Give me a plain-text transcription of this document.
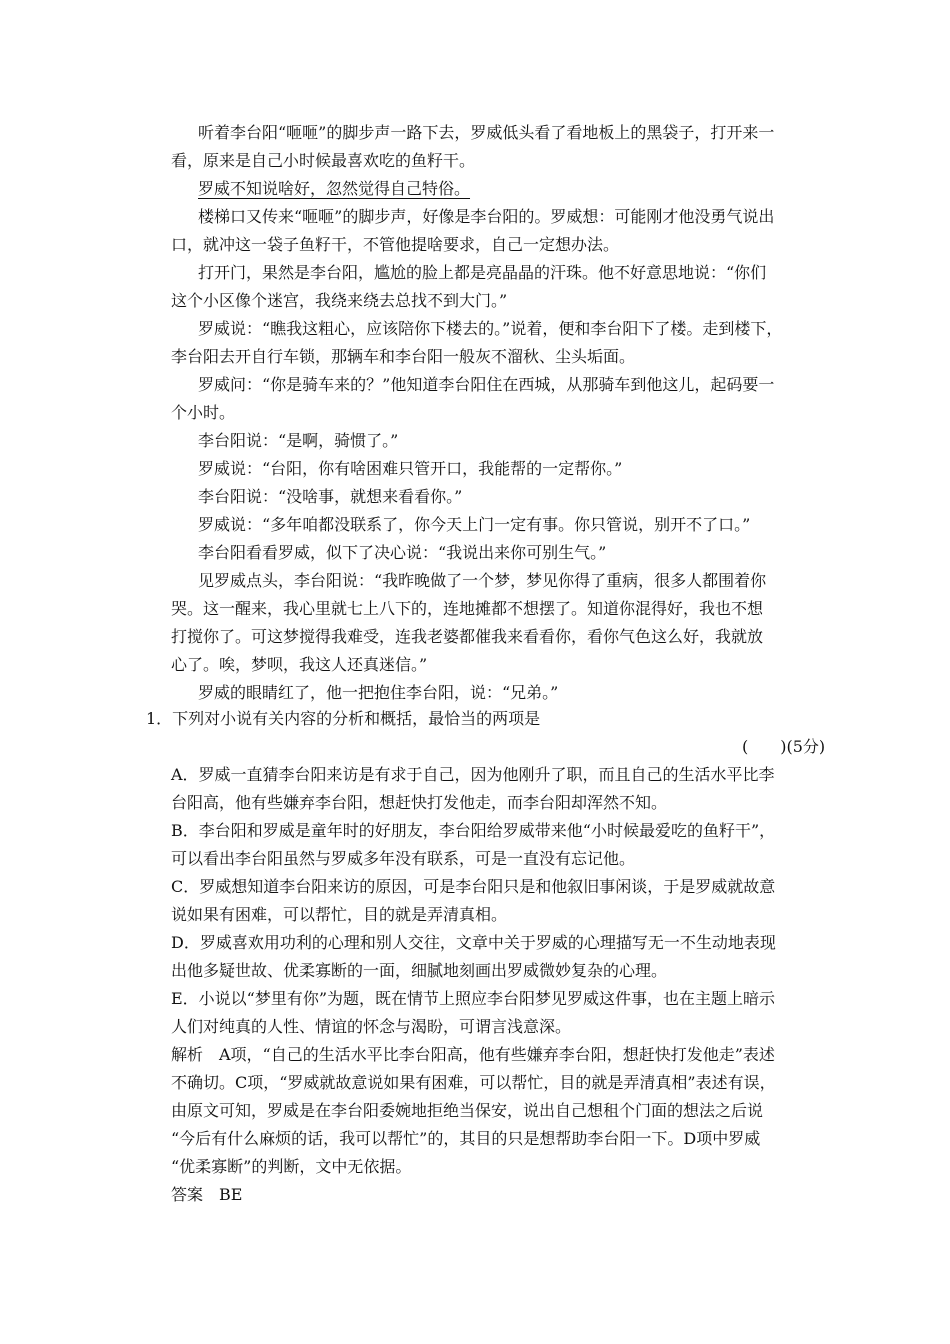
听着李台阳“咂咂”的脚步声一路下去，罗威低头看了看地板上的黑袋子，打开来一
看，原来是自己小时候最喜欢吃的鱼籽干。
罗威不知说啥好，忽然觉得自己特俗。
楼梯口又传来“咂咂”的脚步声，好像是李台阳的。罗威想：可能刚才他没勇气说出
口，就冲这一袋子鱼籽干，不管他提啥要求，自己一定想办法。
打开门，果然是李台阳，尴尬的脸上都是亮晶晶的汗珠。他不好意思地说：“你们
这个小区像个迷宫，我绕来绕去总找不到大门。”
罗威说：“瞧我这粗心，应该陪你下楼去的。”说着，便和李台阳下了楼。走到楼下，
李台阳去开自行车锁，那辆车和李台阳一般灰不溜秋、尘头垢面。
罗威问：“你是骑车来的？”他知道李台阳住在西城，从那骑车到他这儿，起码要一
个小时。
李台阳说：“是啊，骑惯了。”
罗威说：“台阳，你有啥困难只管开口，我能帮的一定帮你。”
李台阳说：“没啥事，就想来看看你。”
罗威说：“多年咱都没联系了，你今天上门一定有事。你只管说，别开不了口。”
李台阳看看罗威，似下了决心说：“我说出来你可别生气。”
见罗威点头，李台阳说：“我昨晚做了一个梦，梦见你得了重病，很多人都围着你
哭。这一醒来，我心里就七上八下的，连地摊都不想摆了。知道你混得好，我也不想
打搅你了。可这梦搅得我难受，连我老婆都催我来看看你，看你气色这么好，我就放
心了。唉，梦呗，我这人还真迷信。”
罗威的眼睛红了，他一把抱住李台阳，说：“兄弟。”
1．下列对小说有关内容的分析和概括，最恰当的两项是
(　　)(5分)
A．罗威一直猜李台阳来访是有求于自己，因为他刚升了职，而且自己的生活水平比李
台阳高，他有些嫌弃李台阳，想赶快打发他走，而李台阳却浑然不知。
B．李台阳和罗威是童年时的好朋友，李台阳给罗威带来他“小时候最爱吃的鱼籽干”，
可以看出李台阳虽然与罗威多年没有联系，可是一直没有忘记他。
C．罗威想知道李台阳来访的原因，可是李台阳只是和他叙旧事闲谈，于是罗威就故意
说如果有困难，可以帮忙，目的就是弄清真相。
D．罗威喜欢用功利的心理和别人交往，文章中关于罗威的心理描写无一不生动地表现
出他多疑世故、优柔寡断的一面，细腻地刻画出罗威微妙复杂的心理。
E．小说以“梦里有你”为题，既在情节上照应李台阳梦见罗威这件事，也在主题上暗示
人们对纯真的人性、情谊的怀念与渴盼，可谓言浅意深。
解析　A项，“自己的生活水平比李台阳高，他有些嫌弃李台阳，想赶快打发他走”表述
不确切。C项，“罗威就故意说如果有困难，可以帮忙，目的就是弄清真相”表述有误，
由原文可知，罗威是在李台阳委婉地拒绝当保安，说出自己想租个门面的想法之后说
“今后有什么麻烦的话，我可以帮忙”的，其目的只是想帮助李台阳一下。D项中罗威
“优柔寡断”的判断，文中无依据。
答案　BE
